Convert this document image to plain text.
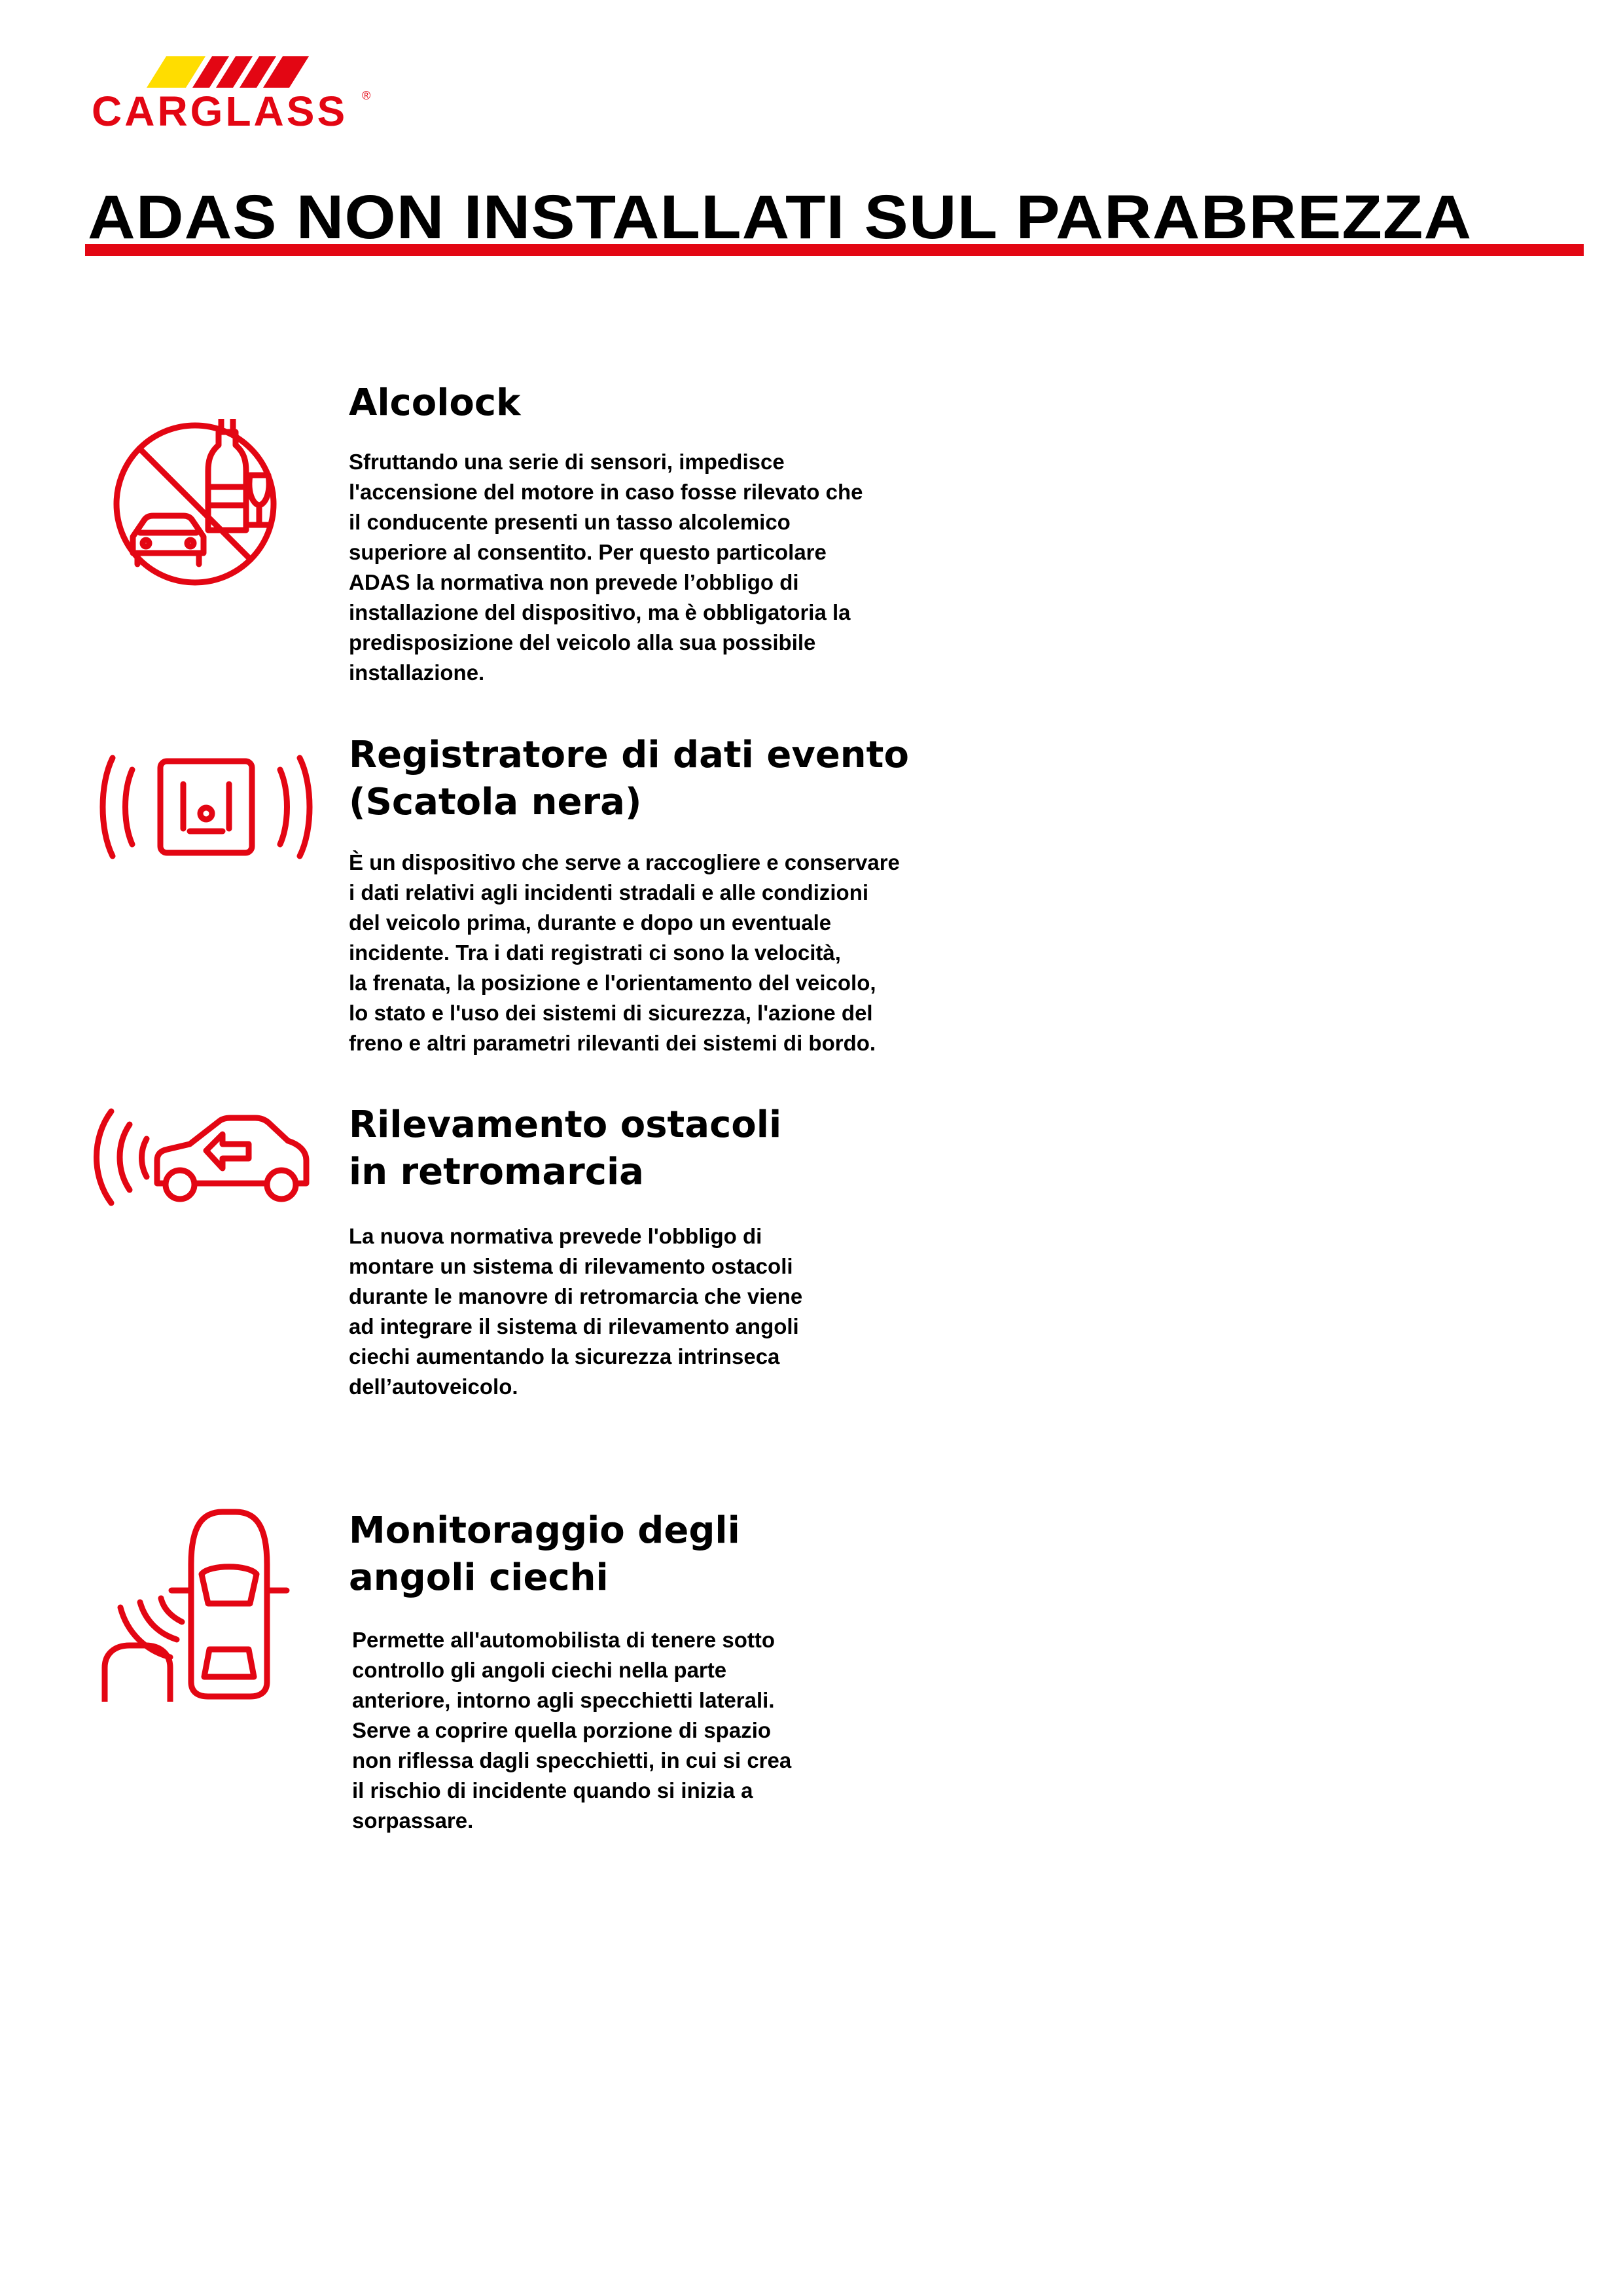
CARGLASS ®
ADAS NON INSTALLATI SUL PARABREZZA
Alcolock

Sfruttando una serie di sensori, impedisce
l'accensione del motore in caso fosse rilevato che
il conducente presenti un tasso alcolemico
superiore al consentito. Per questo particolare
ADAS la normativa non prevede l’obbligo di
installazione del dispositivo, ma è obbligatoria la
predisposizione del veicolo alla sua possibile
installazione.

Registratore di dati evento
(Scatola nera)

È un dispositivo che serve a raccogliere e conservare
i dati relativi agli incidenti stradali e alle condizioni
del veicolo prima, durante e dopo un eventuale
incidente. Tra i dati registrati ci sono la velocità,
la frenata, la posizione e l'orientamento del veicolo,
lo stato e l'uso dei sistemi di sicurezza, l'azione del
freno e altri parametri rilevanti dei sistemi di bordo.

Rilevamento ostacoli
in retromarcia

La nuova normativa prevede l'obbligo di
montare un sistema di rilevamento ostacoli
durante le manovre di retromarcia che viene
ad integrare il sistema di rilevamento angoli
ciechi aumentando la sicurezza intrinseca
dell’autoveicolo.

Monitoraggio degli
angoli ciechi

Permette all'automobilista di tenere sotto
controllo gli angoli ciechi nella parte
anteriore, intorno agli specchietti laterali.
Serve a coprire quella porzione di spazio
non riflessa dagli specchietti, in cui si crea
il rischio di incidente quando si inizia a
sorpassare.
